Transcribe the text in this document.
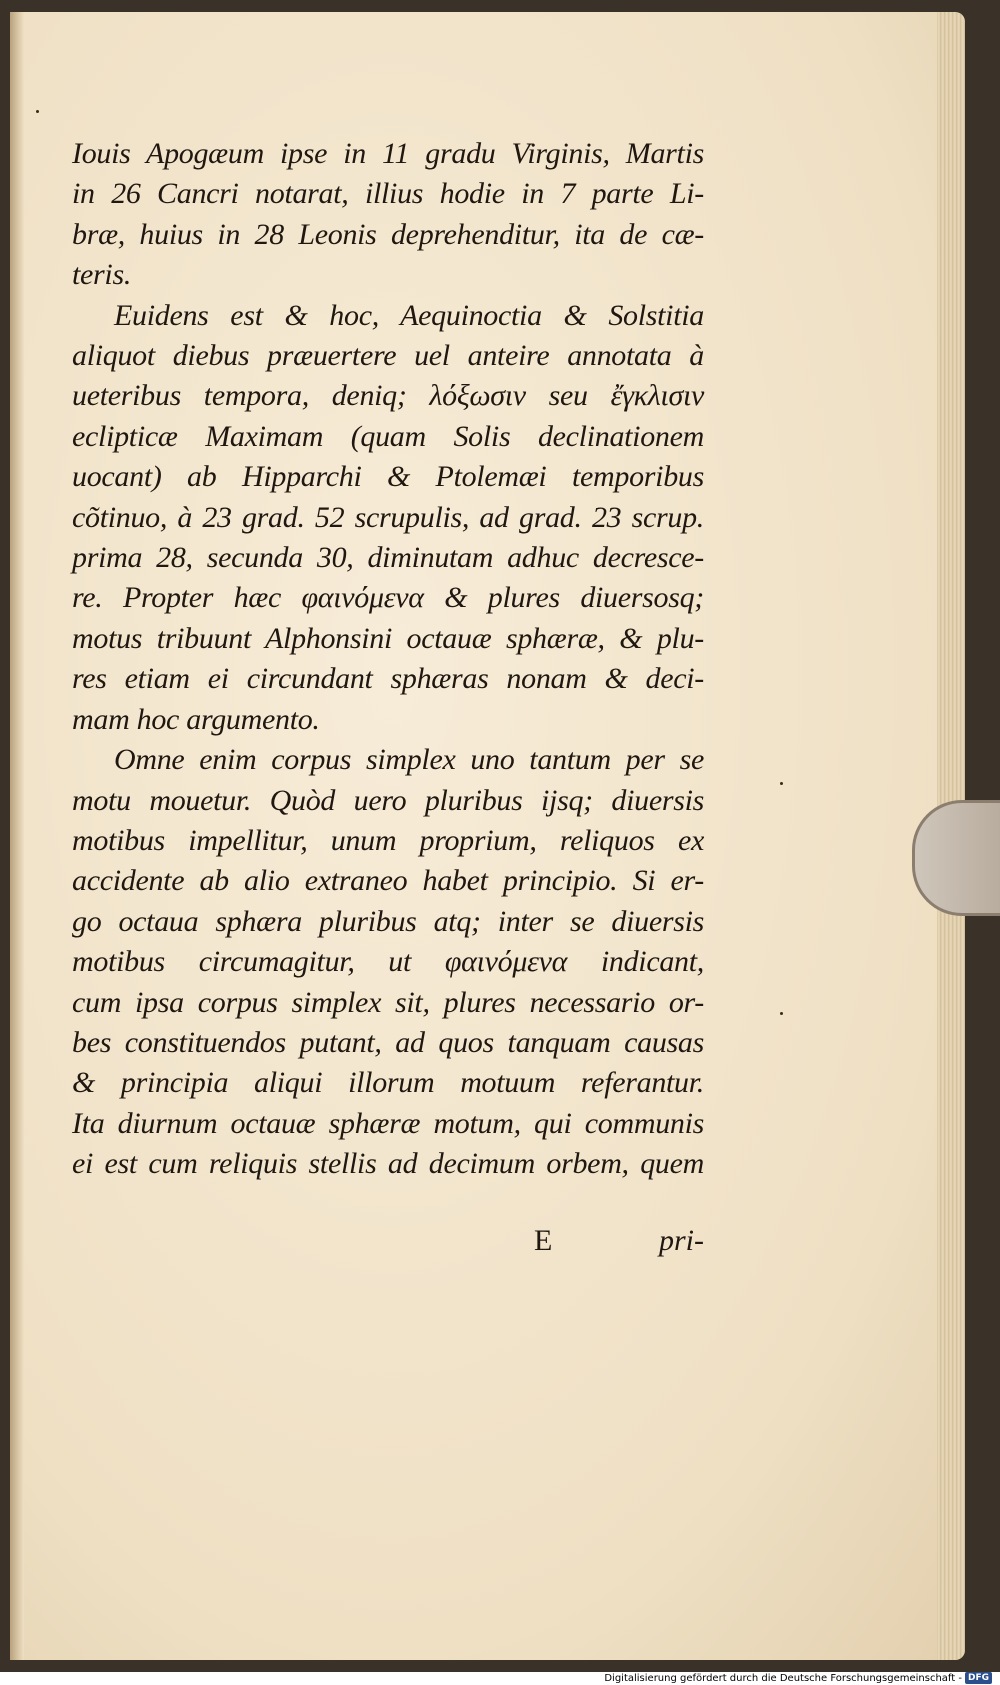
Iouis Apogæum ipse in 11 gradu Virginis, Martis
in 26 Cancri notarat, illius hodie in 7 parte Li-
bræ, huius in 28 Leonis deprehenditur, ita de cæ-
teris.
Euidens est & hoc, Aequinoctia & Solstitia
aliquot diebus præuertere uel anteire annotata à
ueteribus tempora, deniq; λόξωσιν seu ἔγκλισιν
eclipticæ Maximam (quam Solis declinationem
uocant) ab Hipparchi & Ptolemæi temporibus
cõtinuo, à 23 grad. 52 scrupulis, ad grad. 23 scrup.
prima 28, secunda 30, diminutam adhuc decresce-
re. Propter hæc φαινόμενα & plures diuersosq;
motus tribuunt Alphonsini octauæ sphæræ, & plu-
res etiam ei circundant sphæras nonam & deci-
mam hoc argumento.
Omne enim corpus simplex uno tantum per se
motu mouetur. Quòd uero pluribus ijsq; diuersis
motibus impellitur, unum proprium, reliquos ex
accidente ab alio extraneo habet principio. Si er-
go octaua sphæra pluribus atq; inter se diuersis
motibus circumagitur, ut φαινόμενα indicant,
cum ipsa corpus simplex sit, plures necessario or-
bes constituendos putant, ad quos tanquam causas
& principia aliqui illorum motuum referantur.
Ita diurnum octauæ sphæræ motum, qui communis
ei est cum reliquis stellis ad decimum orbem, quem
E	pri-
Digitalisierung gefördert durch die Deutsche Forschungsgemeinschaft - DFG
